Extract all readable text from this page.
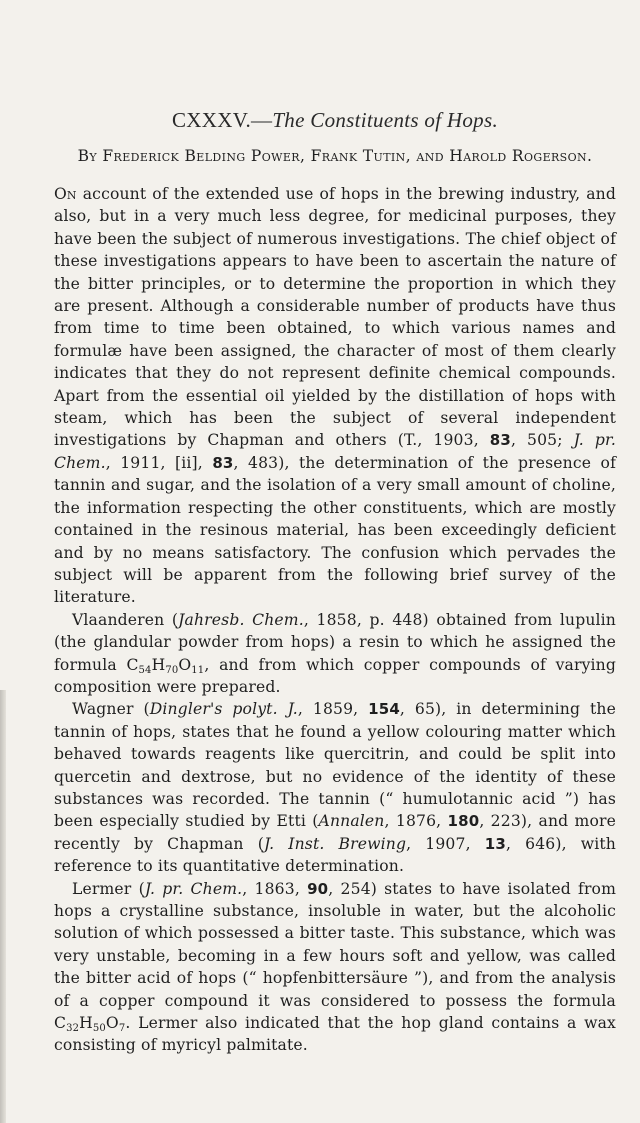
CXXXV.—The Constituents of Hops.
By Frederick Belding Power, Frank Tutin, and Harold Rogerson.

On account of the extended use of hops in the brewing industry, and also, but in a very much less degree, for medicinal purposes, they have been the subject of numerous investigations. The chief object of these investigations appears to have been to ascertain the nature of the bitter principles, or to determine the proportion in which they are present. Although a considerable number of products have thus from time to time been obtained, to which various names and formulæ have been assigned, the character of most of them clearly indicates that they do not represent definite chemical compounds. Apart from the essential oil yielded by the distillation of hops with steam, which has been the subject of several independent investigations by Chapman and others (T., 1903, 83, 505; J. pr. Chem., 1911, [ii], 83, 483), the determination of the presence of tannin and sugar, and the isolation of a very small amount of choline, the information respecting the other constituents, which are mostly contained in the resinous material, has been exceedingly deficient and by no means satisfactory. The confusion which pervades the subject will be apparent from the following brief survey of the literature.

Vlaanderen (Jahresb. Chem., 1858, p. 448) obtained from lupulin (the glandular powder from hops) a resin to which he assigned the formula $C_{54}H_{70}O_{11}$, and from which copper compounds of varying composition were prepared.

Wagner (Dingler's polyt. J., 1859, 154, 65), in determining the tannin of hops, states that he found a yellow colouring matter which behaved towards reagents like quercitrin, and could be split into quercetin and dextrose, but no evidence of the identity of these substances was recorded. The tannin (“ humulotannic acid ”) has been especially studied by Etti (Annalen, 1876, 180, 223), and more recently by Chapman (J. Inst. Brewing, 1907, 13, 646), with reference to its quantitative determination.

Lermer (J. pr. Chem., 1863, 90, 254) states to have isolated from hops a crystalline substance, insoluble in water, but the alcoholic solution of which possessed a bitter taste. This substance, which was very unstable, becoming in a few hours soft and yellow, was called the bitter acid of hops (“ hopfenbittersäure ”), and from the analysis of a copper compound it was considered to possess the formula $C_{32}H_{50}O_7$. Lermer also indicated that the hop gland contains a wax consisting of myricyl palmitate.
